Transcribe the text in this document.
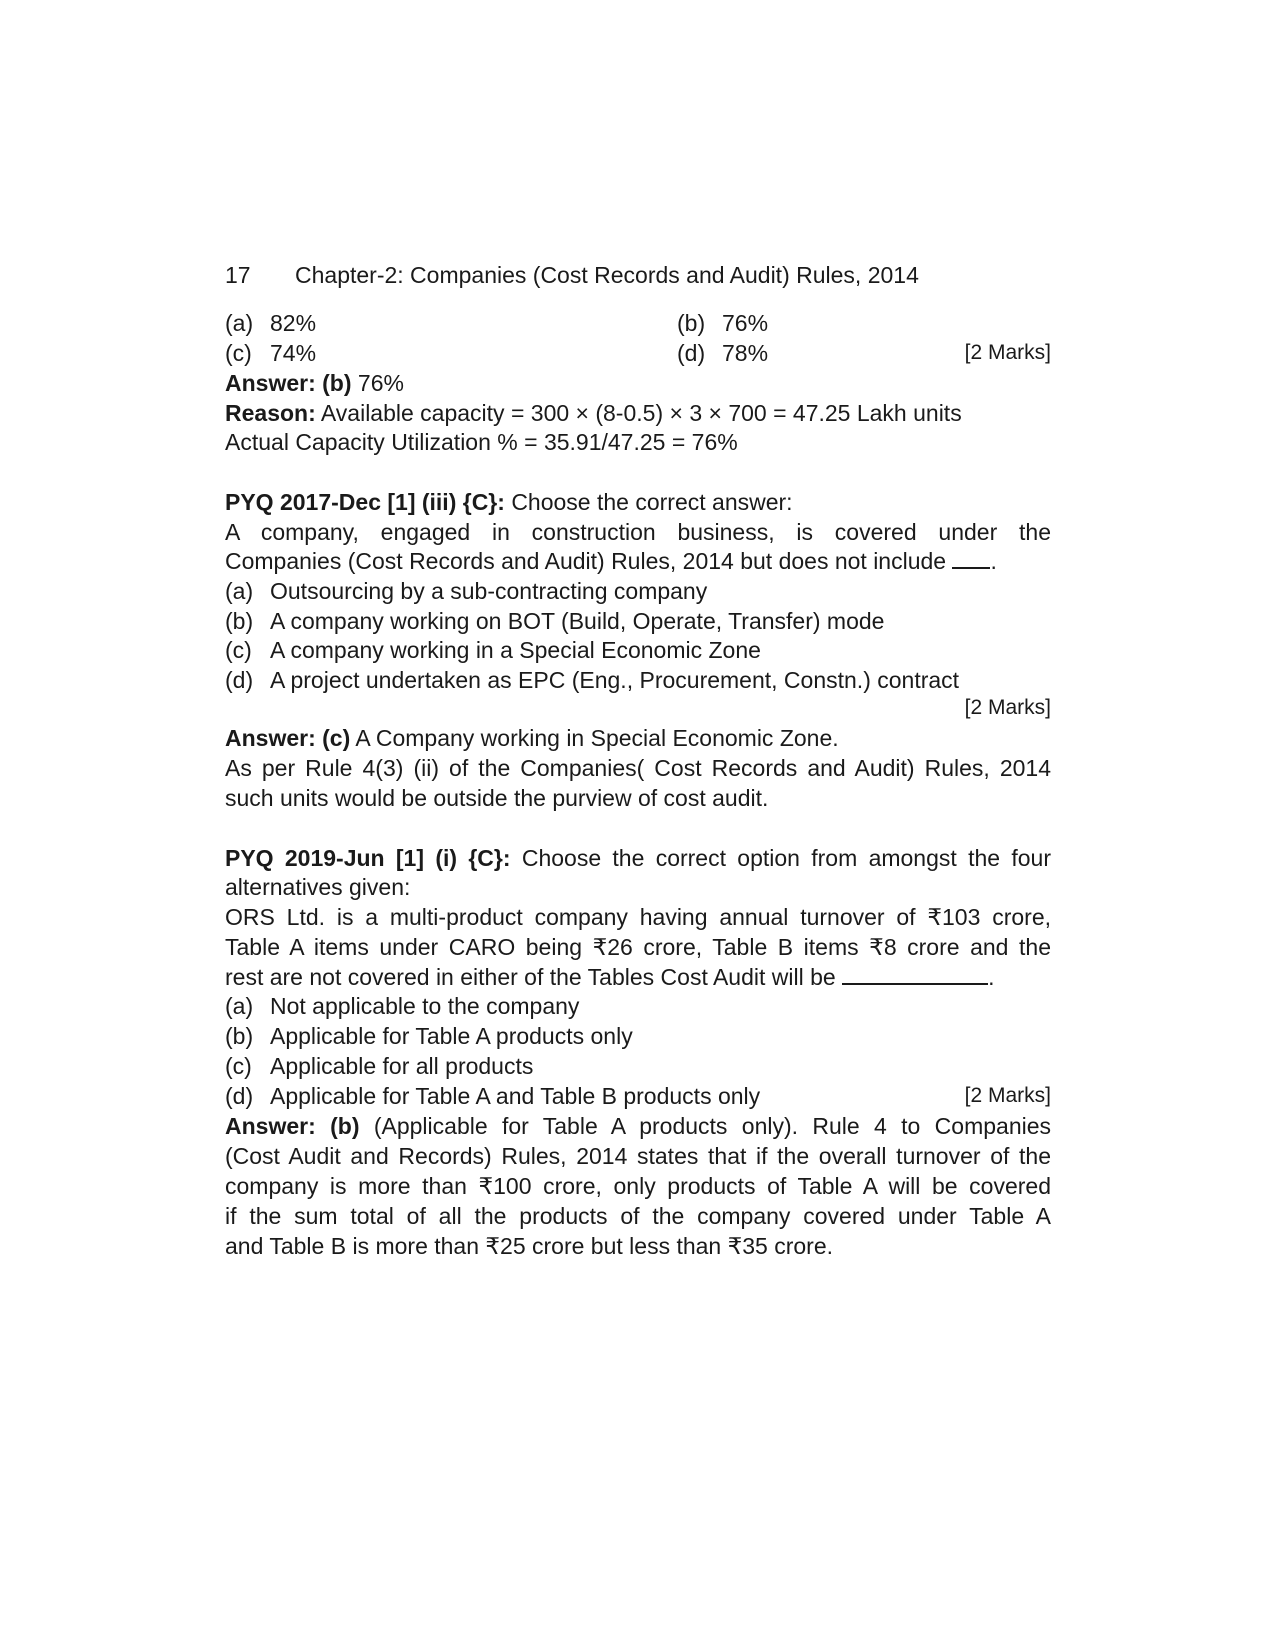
17 Chapter-2: Companies (Cost Records and Audit) Rules, 2014
(a) 82%	(b) 76%
(c) 74%	(d) 78%	[2 Marks]
Answer: (b) 76%
Reason: Available capacity = 300 × (8-0.5) × 3 × 700 = 47.25 Lakh units
Actual Capacity Utilization % = 35.91/47.25 = 76%
PYQ 2017-Dec [1] (iii) {C}: Choose the correct answer:
A company, engaged in construction business, is covered under the
Companies (Cost Records and Audit) Rules, 2014 but does not include .
(a) Outsourcing by a sub-contracting company
(b) A company working on BOT (Build, Operate, Transfer) mode
(c) A company working in a Special Economic Zone
(d) A project undertaken as EPC (Eng., Procurement, Constn.) contract
[2 Marks]
Answer: (c) A Company working in Special Economic Zone.
As per Rule 4(3) (ii) of the Companies( Cost Records and Audit) Rules, 2014
such units would be outside the purview of cost audit.
PYQ 2019-Jun [1] (i) {C}: Choose the correct option from amongst the four
alternatives given:
ORS Ltd. is a multi-product company having annual turnover of ₹103 crore,
Table A items under CARO being ₹26 crore, Table B items ₹8 crore and the
rest are not covered in either of the Tables Cost Audit will be	.
(a) Not applicable to the company
(b) Applicable for Table A products only
(c) Applicable for all products
(d) Applicable for Table A and Table B products only	[2 Marks]
Answer: (b) (Applicable for Table A products only). Rule 4 to Companies
(Cost Audit and Records) Rules, 2014 states that if the overall turnover of the
company is more than ₹100 crore, only products of Table A will be covered
if the sum total of all the products of the company covered under Table A
and Table B is more than ₹25 crore but less than ₹35 crore.
